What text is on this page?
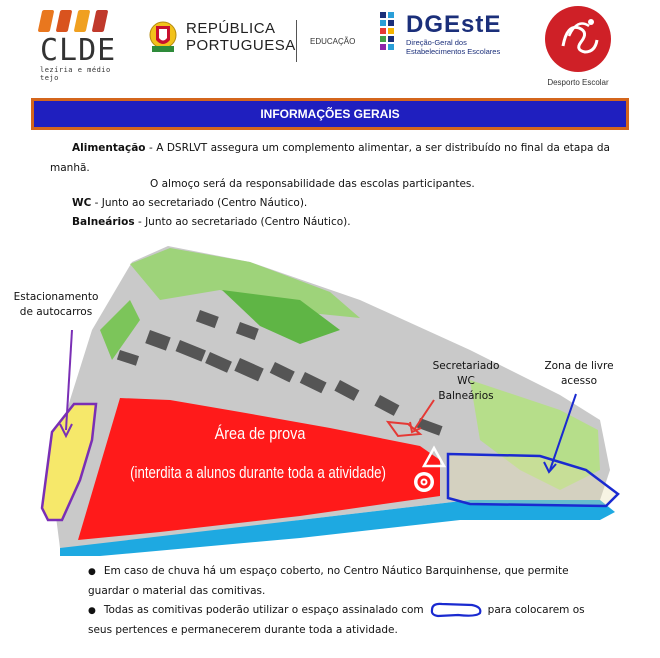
CLDE
lezíria e médio tejo
REPÚBLICA
PORTUGUESA EDUCAÇÃO
DGEstE
Direção-Geral dos
Estabelecimentos Escolares
Desporto Escolar
INFORMAÇÕES GERAIS
Alimentação - A DSRLVT assegura um complemento alimentar, a ser distribuído no final da etapa da manhã.
O almoço será da responsabilidade das escolas participantes.
WC - Junto ao secretariado (Centro Náutico).
Balneários - Junto ao secretariado (Centro Náutico).
Estacionamento
de autocarros
Secretariado
WC
Balneários
Zona de livre
acesso
Área de prova
(interdita a alunos durante toda a atividade)
● Em caso de chuva há um espaço coberto, no Centro Náutico Barquinhense, que permite guardar o material das comitivas.
● Todas as comitivas poderão utilizar o espaço assinalado com	para colocarem os seus pertences e permanecerem durante toda a atividade.
